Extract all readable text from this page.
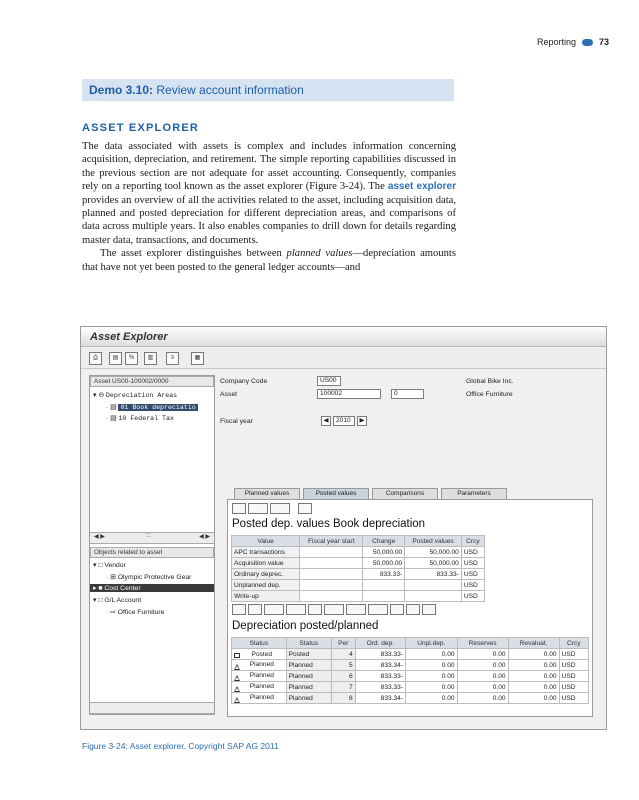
Reporting	73
Demo 3.10: Review account information
ASSET EXPLORER

The data associated with assets is complex and includes information concerning acquisition, depreciation, and retirement. The simple reporting capabilities discussed in the previous section are not adequate for asset accounting. Consequently, companies rely on a reporting tool known as the asset explorer (Figure 3-24). The asset explorer provides an overview of all the activities related to the asset, including acquisition data, planned and posted depreciation for different depreciation areas, and comparisons of data across multiple years. It also enables companies to drill down for details regarding master data, transactions, and documents.

The asset explorer distinguishes between planned values—depreciation amounts that have not yet been posted to the general ledger accounts—and

Asset Explorer
⎙	▤	%	▥	≡	▦
Asset US00-100002/0000
▾ ⊖ Depreciation Areas
· ▤ 01 Book depreciatio
· ▤ 10 Federal Tax
◀ ▶	:::	◀ ▶
Objects related to asset
▾ □ Vendor
· ⊞ Olympic Protective Gear
▸ ■ Cost Center
▾ □ G/L Account
· ⇨ Office Furniture
Company Code	US00	Global Bike Inc.
Asset	100002	0	Office Furniture
Fiscal year	◀	2010	▶
Planned values	Posted values	Comparisons	Parameters
Posted dep. values Book depreciation
Value	Fiscal year start	Change	Posted values	Crcy
APC transactions		50,000.00	50,000.00	USD
Acquisition value		50,000.00	50,000.00	USD
Ordinary deprec.		833.33-	833.33-	USD
Unplanned dep.				USD
Write-up				USD
Depreciation posted/planned
Status	Status	Per	Ord. dep.	Unpl.dep.	Reserves	Revaluat.	Crcy

Posted	Posted	4	833.33-	0.00	0.00	0.00	USD

Planned	Planned	5	833.34-	0.00	0.00	0.00	USD

Planned	Planned	6	833.33-	0.00	0.00	0.00	USD

Planned	Planned	7	833.33-	0.00	0.00	0.00	USD

Planned	Planned	8	833.34-	0.00	0.00	0.00	USD
Figure 3-24: Asset explorer. Copyright SAP AG 2011
